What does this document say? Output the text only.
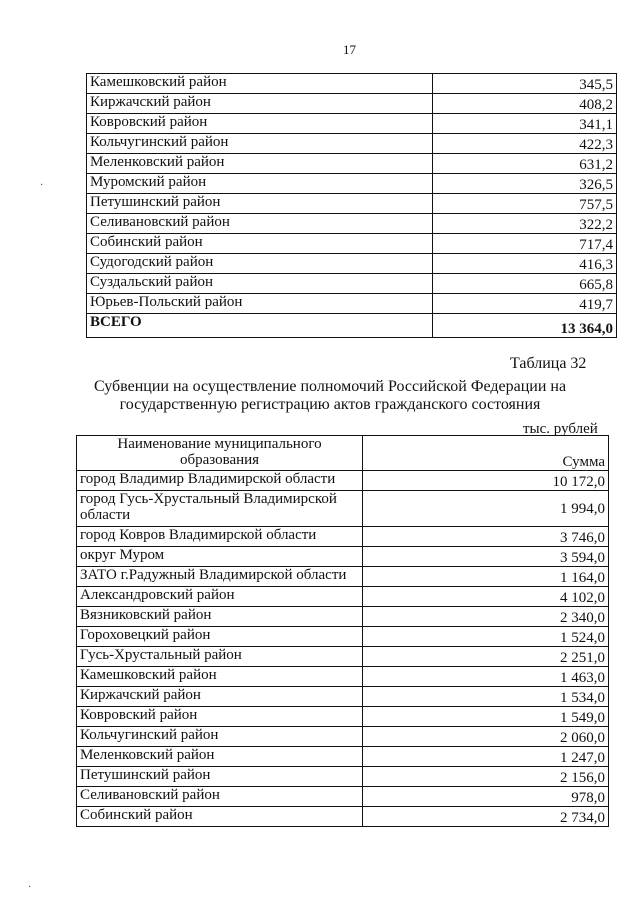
17
Камешковский район	345,5
Киржачский район	408,2
Ковровский район	341,1
Кольчугинский район	422,3
Меленковский район	631,2
Муромский район	326,5
Петушинский район	757,5
Селивановский район	322,2
Собинский район	717,4
Судогодский район	416,3
Суздальский район	665,8
Юрьев-Польский район	419,7
ВСЕГО	13 364,0
Таблица 32
Субвенции на осуществление полномочий Российской Федерации на
государственную регистрацию актов гражданского состояния
тыс. рублей
Наименование муниципального
образования	Сумма
город Владимир Владимирской области	10 172,0

город Гусь-Хрустальный Владимирской
области	1 994,0
город Ковров Владимирской области	3 746,0
округ Муром	3 594,0
ЗАТО г.Радужный Владимирской области	1 164,0
Александровский район	4 102,0
Вязниковский район	2 340,0
Гороховецкий район	1 524,0
Гусь-Хрустальный район	2 251,0
Камешковский район	1 463,0
Киржачский район	1 534,0
Ковровский район	1 549,0
Кольчугинский район	2 060,0
Меленковский район	1 247,0
Петушинский район	2 156,0
Селивановский район	978,0
Собинский район	2 734,0
·
·
